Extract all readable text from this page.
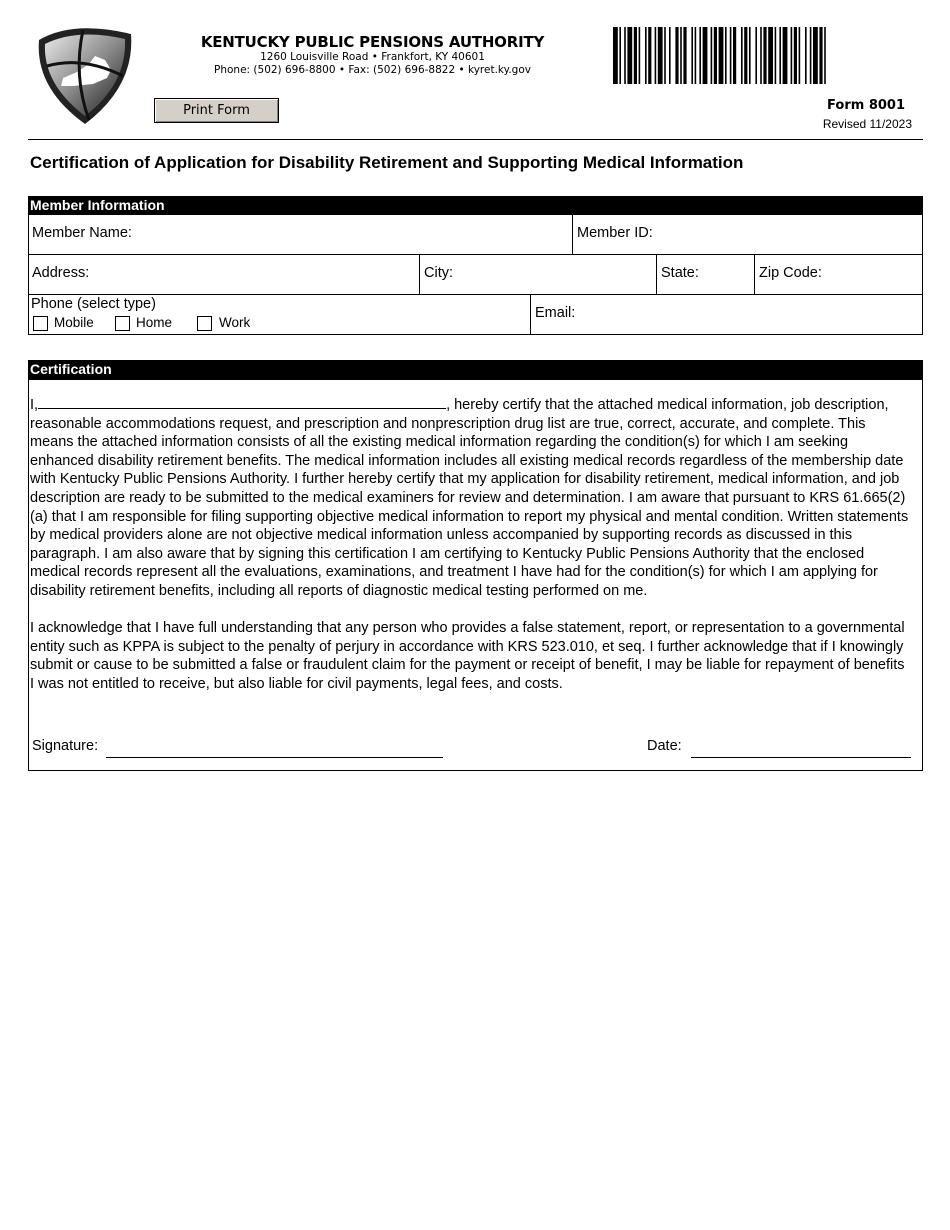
KENTUCKY PUBLIC PENSIONS AUTHORITY
1260 Louisville Road • Frankfort, KY 40601
Phone: (502) 696-8800 • Fax: (502) 696-8822 • kyret.ky.gov
Print Form	Form 8001
Revised 11/2023
Certification of Application for Disability Retirement and Supporting Medical Information
Member Information
Member Name:	Member ID:
Address:	City:	State:	Zip Code:
Phone (select type)
Mobile	Home	Work
Email:
Certification

I,	, hereby certify that the attached medical information, job description, reasonable accommodations request, and prescription and nonprescription drug list are true, correct, accurate, and complete. This means the attached information consists of all the existing medical information regarding the condition(s) for which I am seeking enhanced disability retirement benefits. The medical information includes all existing medical records regardless of the membership date with Kentucky Public Pensions Authority. I further hereby certify that my application for disability retirement, medical information, and job description are ready to be submitted to the medical examiners for review and determination. I am aware that pursuant to KRS 61.665(2)(a) that I am responsible for filing supporting objective medical information to report my physical and mental condition. Written statements by medical providers alone are not objective medical information unless accompanied by supporting records as discussed in this paragraph. I am also aware that by signing this certification I am certifying to Kentucky Public Pensions Authority that the enclosed medical records represent all the evaluations, examinations, and treatment I have had for the condition(s) for which I am applying for disability retirement benefits, including all reports of diagnostic medical testing performed on me.

I acknowledge that I have full understanding that any person who provides a false statement, report, or representation to a governmental entity such as KPPA is subject to the penalty of perjury in accordance with KRS 523.010, et seq. I further acknowledge that if I knowingly submit or cause to be submitted a false or fraudulent claim for the payment or receipt of benefit, I may be liable for repayment of benefits I was not entitled to receive, but also liable for civil payments, legal fees, and costs.

Signature:	Date:
